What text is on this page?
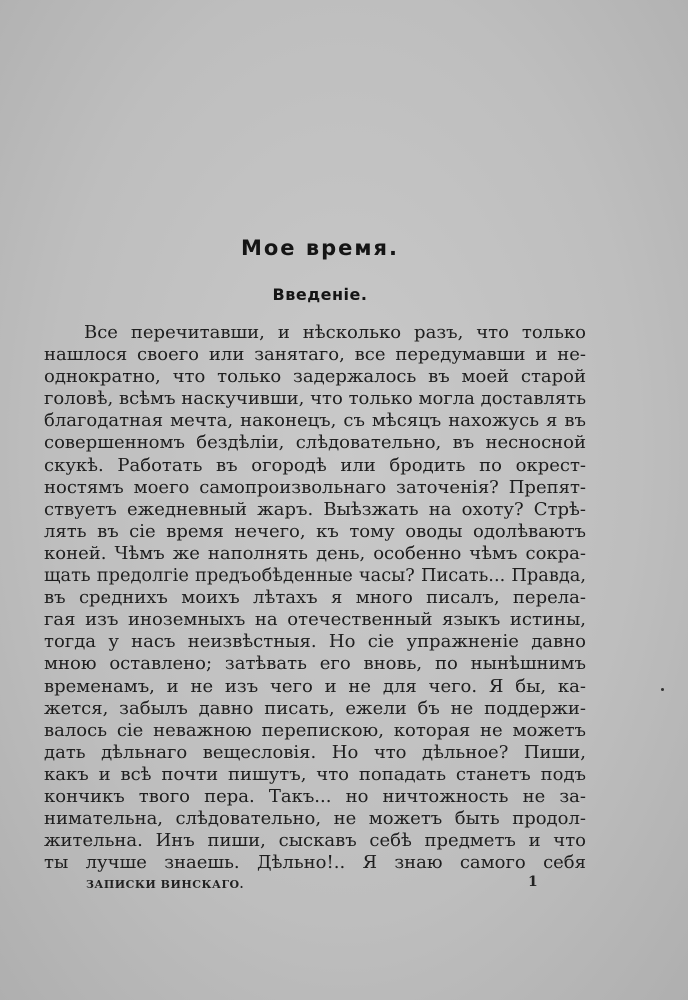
Мое время.
Введеніе.
Все перечитавши, и нѣсколько разъ, что только
нашлося своего или занятаго, все передумавши и не-
однократно, что только задержалось въ моей старой
головѣ, всѣмъ наскучивши, что только могла доставлять
благодатная мечта, наконецъ, съ мѣсяцъ нахожусь я въ
совершенномъ бездѣліи, слѣдовательно, въ несносной
скукѣ. Работать въ огородѣ или бродить по окрест-
ностямъ моего самопроизвольнаго заточенія? Препят-
ствуетъ ежедневный жаръ. Выѣзжать на охоту? Стрѣ-
лять въ сіе время нечего, къ тому оводы одолѣваютъ
коней. Чѣмъ же наполнять день, особенно чѣмъ сокра-
щать предолгіе предъобѣденные часы? Писать... Правда,
въ среднихъ моихъ лѣтахъ я много писалъ, перела-
гая изъ иноземныхъ на отечественный языкъ истины,
тогда у насъ неизвѣстныя. Но сіе упражненіе давно
мною оставлено; затѣвать его вновь, по нынѣшнимъ
временамъ, и не изъ чего и не для чего. Я бы, ка-
жется, забылъ давно писать, ежели бъ не поддержи-
валось сіе неважною перепискою, которая не можетъ
дать дѣльнаго вещесловія. Но что дѣльное? Пиши,
какъ и всѣ почти пишутъ, что попадать станетъ подъ
кончикъ твого пера. Такъ... но ничтожность не за-
нимательна, слѣдовательно, не можетъ быть продол-
жительна. Инъ пиши, сыскавъ себѣ предметъ и что
ты лучше знаешь. Дѣльно!.. Я знаю самого себя
ЗАПИСКИ ВИНСКАГО.	1
